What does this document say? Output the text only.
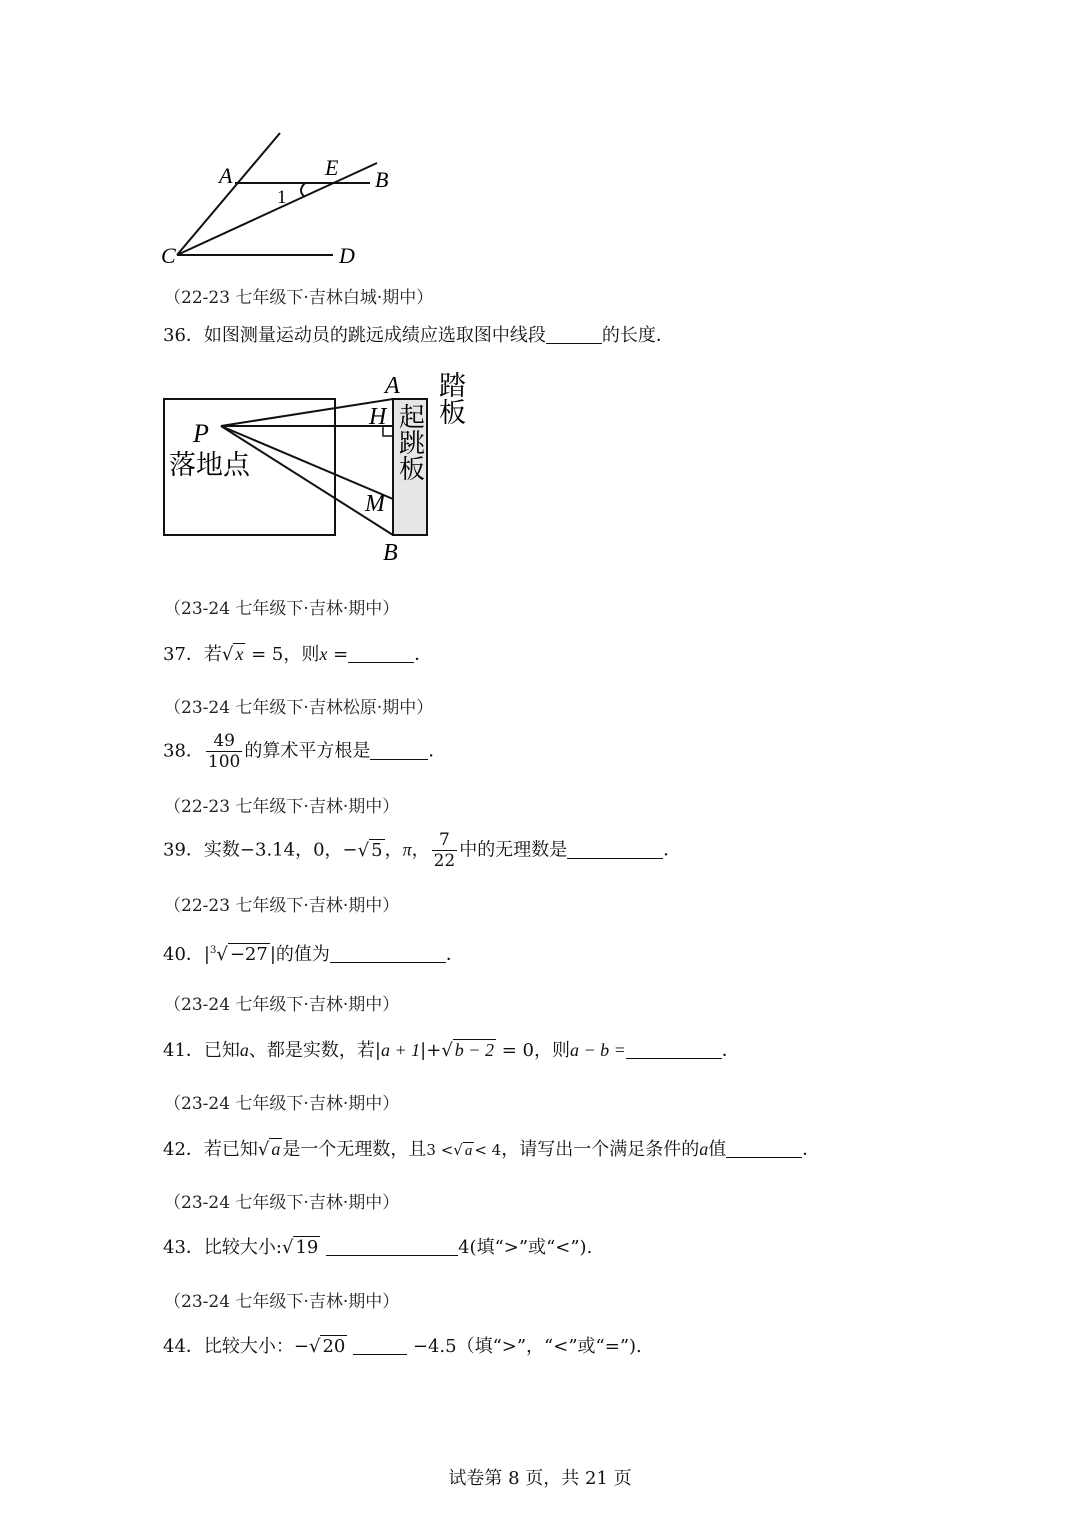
A	E B
1
C	D
（22-23 七年级下·吉林白城·期中）
36．如图测量运动员的跳远成绩应选取图中线段	的长度．
A
H
P
M
B
落地点	起跳板
踏板
（23-24 七年级下·吉林·期中）
37．若√ x = 5，则x =	．
（23-24 七年级下·吉林松原·期中）
38． $\frac{49}{100}$ 的算术平方根是	．
（22-23 七年级下·吉林·期中）
39．实数−3.14，0，−√ 5 ，π， $\frac{7}{22}$ 中的无理数是	．
（22-23 七年级下·吉林·期中）
40．$|^3√ -27$ |的值为	．
（23-24 七年级下·吉林·期中）
41．已知a、都是实数，若|a + 1|+√ b − 2 = 0，则a − b =	．
（23-24 七年级下·吉林·期中）
42．若已知√ a 是一个无理数，且3 <√ a < 4，请写出一个满足条件的a值	．
（23-24 七年级下·吉林·期中）
43．比较大小:√ 19	4(填“>”或“<”).
（23-24 七年级下·吉林·期中）
44．比较大小：−√ 20	−4.5（填“>”，“<”或“=”).
试卷第 8 页，共 21 页
